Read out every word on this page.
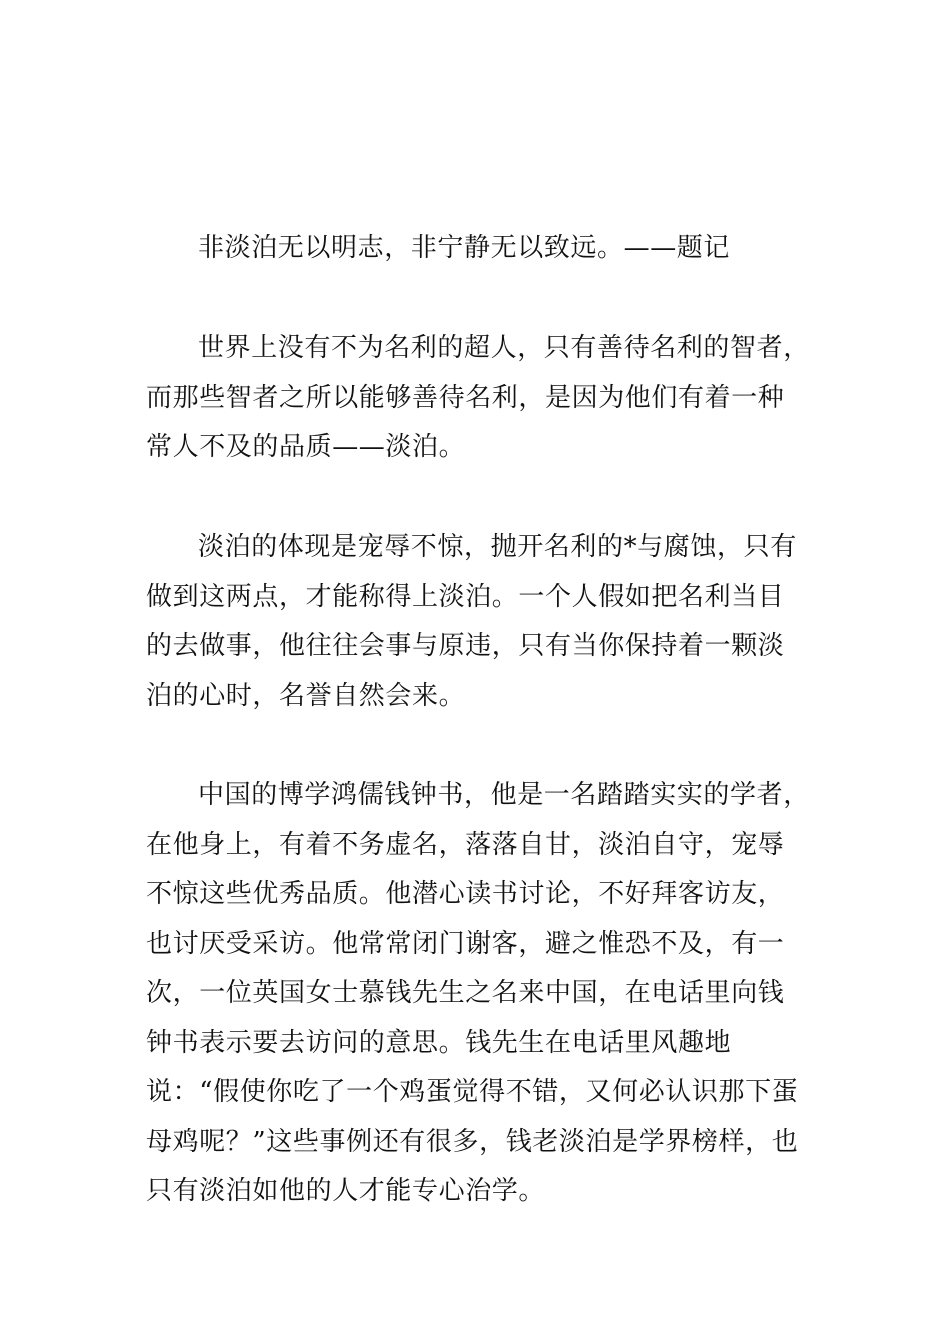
非淡泊无以明志，非宁静无以致远。——题记

世界上没有不为名利的超人，只有善待名利的智者，而那些智者之所以能够善待名利，是因为他们有着一种常人不及的品质——淡泊。

淡泊的体现是宠辱不惊，抛开名利的*与腐蚀，只有做到这两点，才能称得上淡泊。一个人假如把名利当目的去做事，他往往会事与原违，只有当你保持着一颗淡泊的心时，名誉自然会来。

中国的博学鸿儒钱钟书，他是一名踏踏实实的学者，在他身上，有着不务虚名，落落自甘，淡泊自守，宠辱不惊这些优秀品质。他潜心读书讨论，不好拜客访友，也讨厌受采访。他常常闭门谢客，避之惟恐不及，有一次，一位英国女士慕钱先生之名来中国，在电话里向钱钟书表示要去访问的意思。钱先生在电话里风趣地说：“假使你吃了一个鸡蛋觉得不错，又何必认识那下蛋母鸡呢？”这些事例还有很多，钱老淡泊是学界榜样，也只有淡泊如他的人才能专心治学。
